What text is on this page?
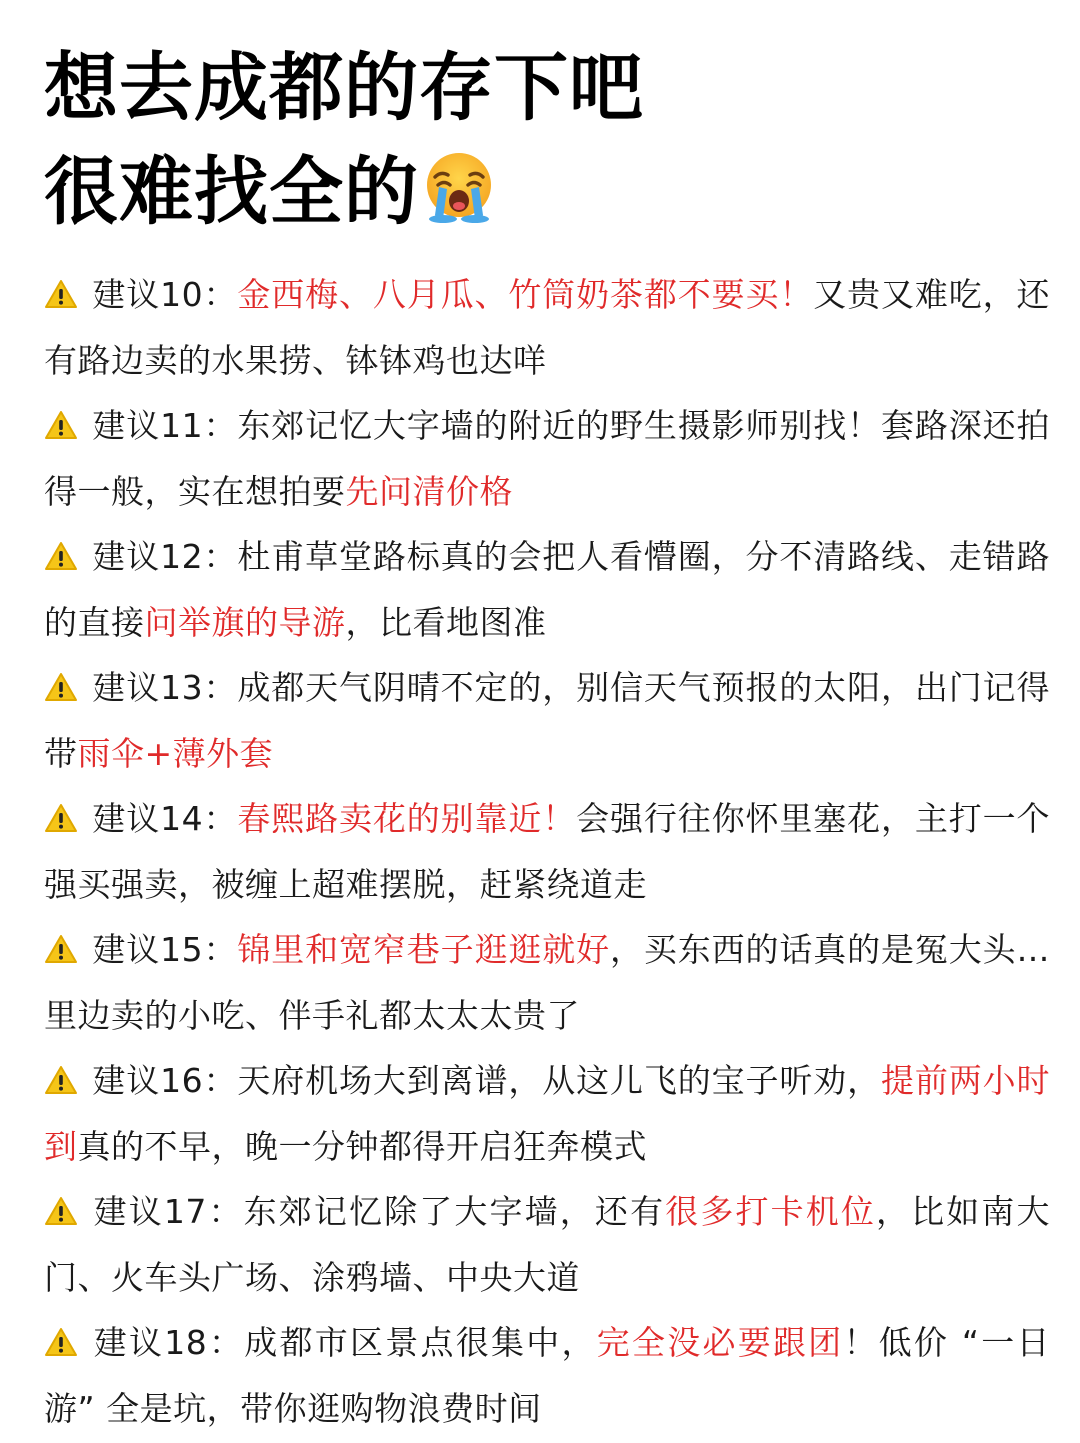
想去成都的存下吧
很难找全的

建议10：金西梅、八月瓜、竹筒奶茶都不要买！又贵又难吃，还有路边卖的水果捞、钵钵鸡也达咩

建议11：东郊记忆大字墙的附近的野生摄影师别找！套路深还拍得一般，实在想拍要先问清价格

建议12：杜甫草堂路标真的会把人看懵圈，分不清路线、走错路的直接问举旗的导游，比看地图准

建议13：成都天气阴晴不定的，别信天气预报的太阳，出门记得带雨伞+薄外套

建议14：春熙路卖花的别靠近！会强行往你怀里塞花，主打一个强买强卖，被缠上超难摆脱，赶紧绕道走

建议15：锦里和宽窄巷子逛逛就好，买东西的话真的是冤大头…里边卖的小吃、伴手礼都太太太贵了

建议16：天府机场大到离谱，从这儿飞的宝子听劝，提前两小时到真的不早，晚一分钟都得开启狂奔模式

建议17：东郊记忆除了大字墙，还有很多打卡机位，比如南大门、火车头广场、涂鸦墙、中央大道

建议18：成都市区景点很集中，完全没必要跟团！低价 “一日游” 全是坑，带你逛购物浪费时间
